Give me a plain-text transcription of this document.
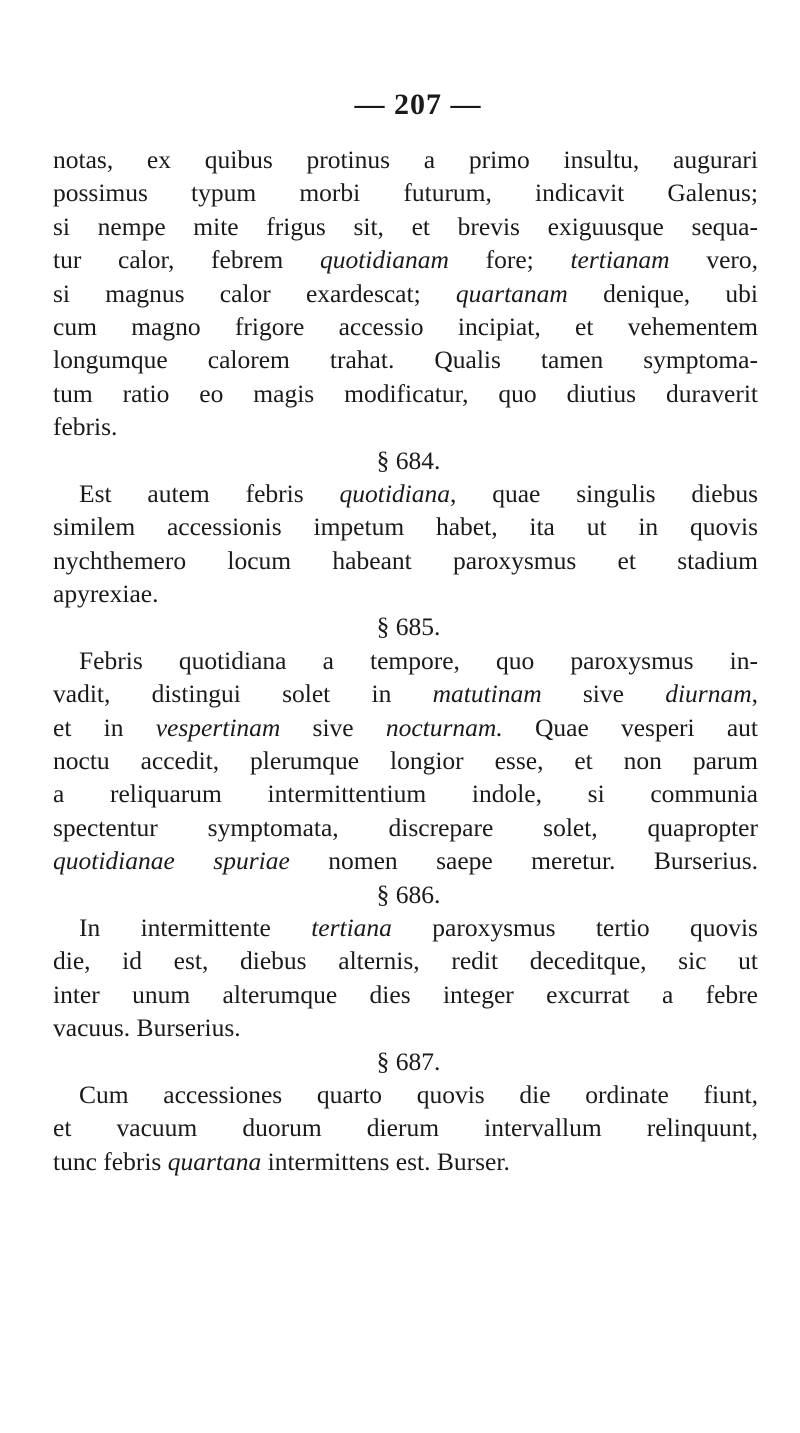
— 207 —
notas, ex quibus protinus a primo insultu, augurari
possimus typum morbi futurum, indicavit Galenus;
si nempe mite frigus sit, et brevis exiguusque sequa-
tur calor, febrem quotidianam fore; tertianam vero,
si magnus calor exardescat; quartanam denique, ubi
cum magno frigore accessio incipiat, et vehementem
longumque calorem trahat. Qualis tamen symptoma-
tum ratio eo magis modificatur, quo diutius duraverit
febris.
§ 684.
Est autem febris quotidiana, quae singulis diebus
similem accessionis impetum habet, ita ut in quovis
nychthemero locum habeant paroxysmus et stadium
apyrexiae.
§ 685.
Febris quotidiana a tempore, quo paroxysmus in-
vadit, distingui solet in matutinam sive diurnam,
et in vespertinam sive nocturnam. Quae vesperi aut
noctu accedit, plerumque longior esse, et non parum
a reliquarum intermittentium indole, si communia
spectentur symptomata, discrepare solet, quapropter
quotidianae spuriae nomen saepe meretur. Burserius.
§ 686.
In intermittente tertiana paroxysmus tertio quovis
die, id est, diebus alternis, redit deceditque, sic ut
inter unum alterumque dies integer excurrat a febre
vacuus. Burserius.
§ 687.
Cum accessiones quarto quovis die ordinate fiunt,
et vacuum duorum dierum intervallum relinquunt,
tunc febris quartana intermittens est. Burser.
